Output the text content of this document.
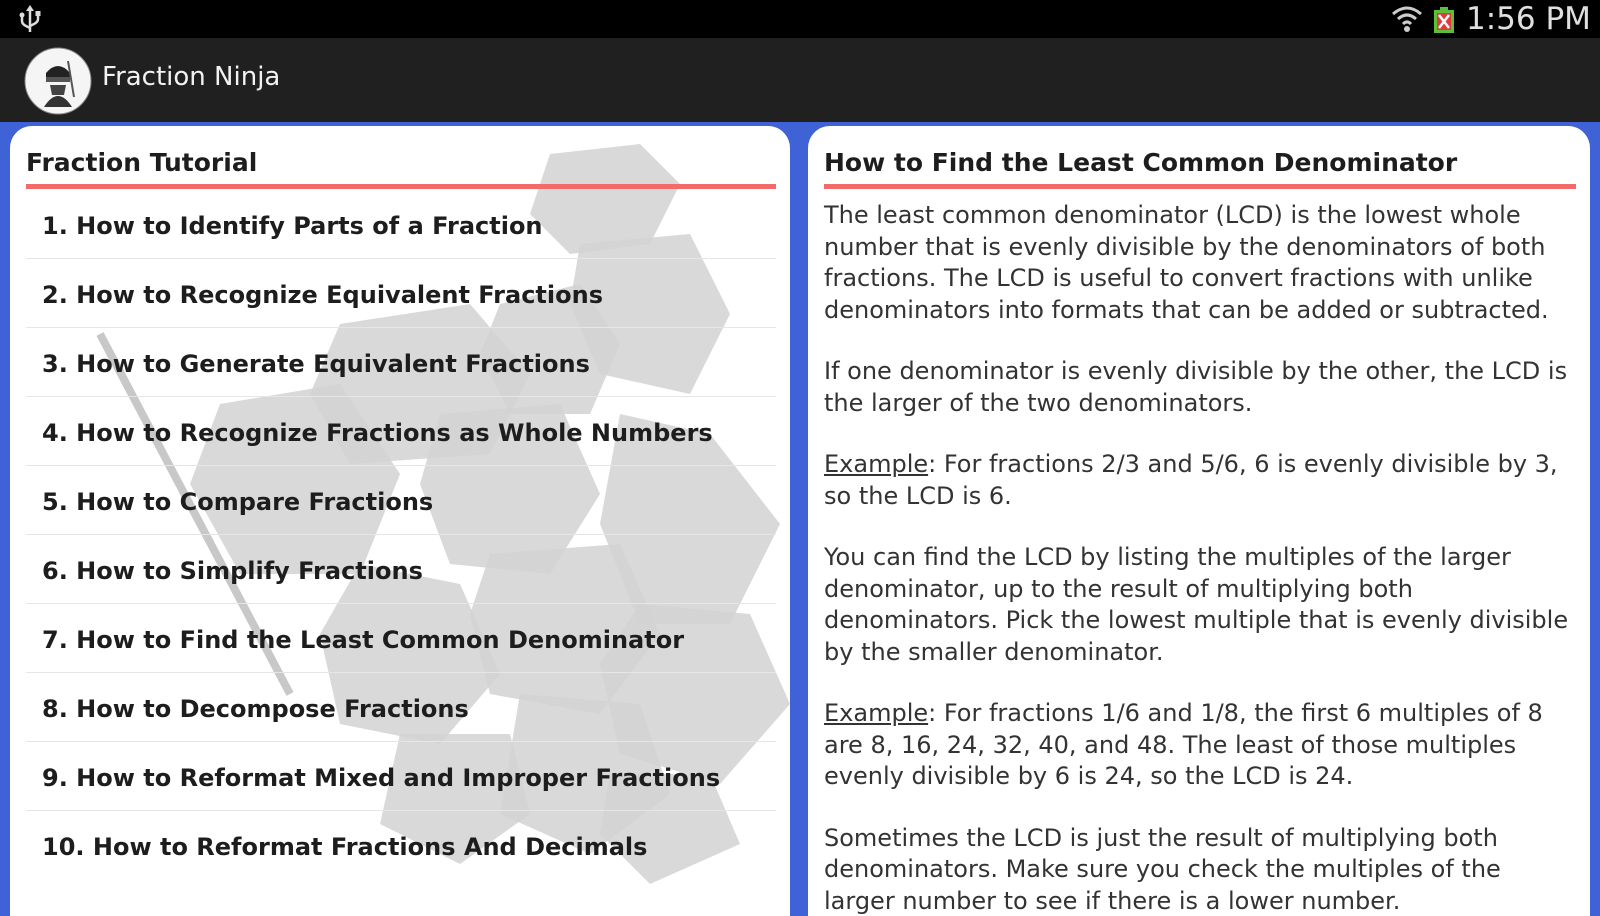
1:56 PM
Fraction Ninja
Fraction Tutorial
1. How to Identify Parts of a Fraction
2. How to Recognize Equivalent Fractions
3. How to Generate Equivalent Fractions
4. How to Recognize Fractions as Whole Numbers
5. How to Compare Fractions
6. How to Simplify Fractions
7. How to Find the Least Common Denominator
8. How to Decompose Fractions
9. How to Reformat Mixed and Improper Fractions
10. How to Reformat Fractions And Decimals
How to Find the Least Common Denominator

The least common denominator (LCD) is the lowest whole number that is evenly divisible by the denominators of both fractions. The LCD is useful to convert fractions with unlike denominators into formats that can be added or subtracted.

If one denominator is evenly divisible by the other, the LCD is the larger of the two denominators.

Example: For fractions 2/3 and 5/6, 6 is evenly divisible by 3, so the LCD is 6.

You can find the LCD by listing the multiples of the larger denominator, up to the result of multiplying both denominators. Pick the lowest multiple that is evenly divisible by the smaller denominator.

Example: For fractions 1/6 and 1/8, the first 6 multiples of 8 are 8, 16, 24, 32, 40, and 48. The least of those multiples evenly divisible by 6 is 24, so the LCD is 24.

Sometimes the LCD is just the result of multiplying both denominators. Make sure you check the multiples of the larger number to see if there is a lower number.
